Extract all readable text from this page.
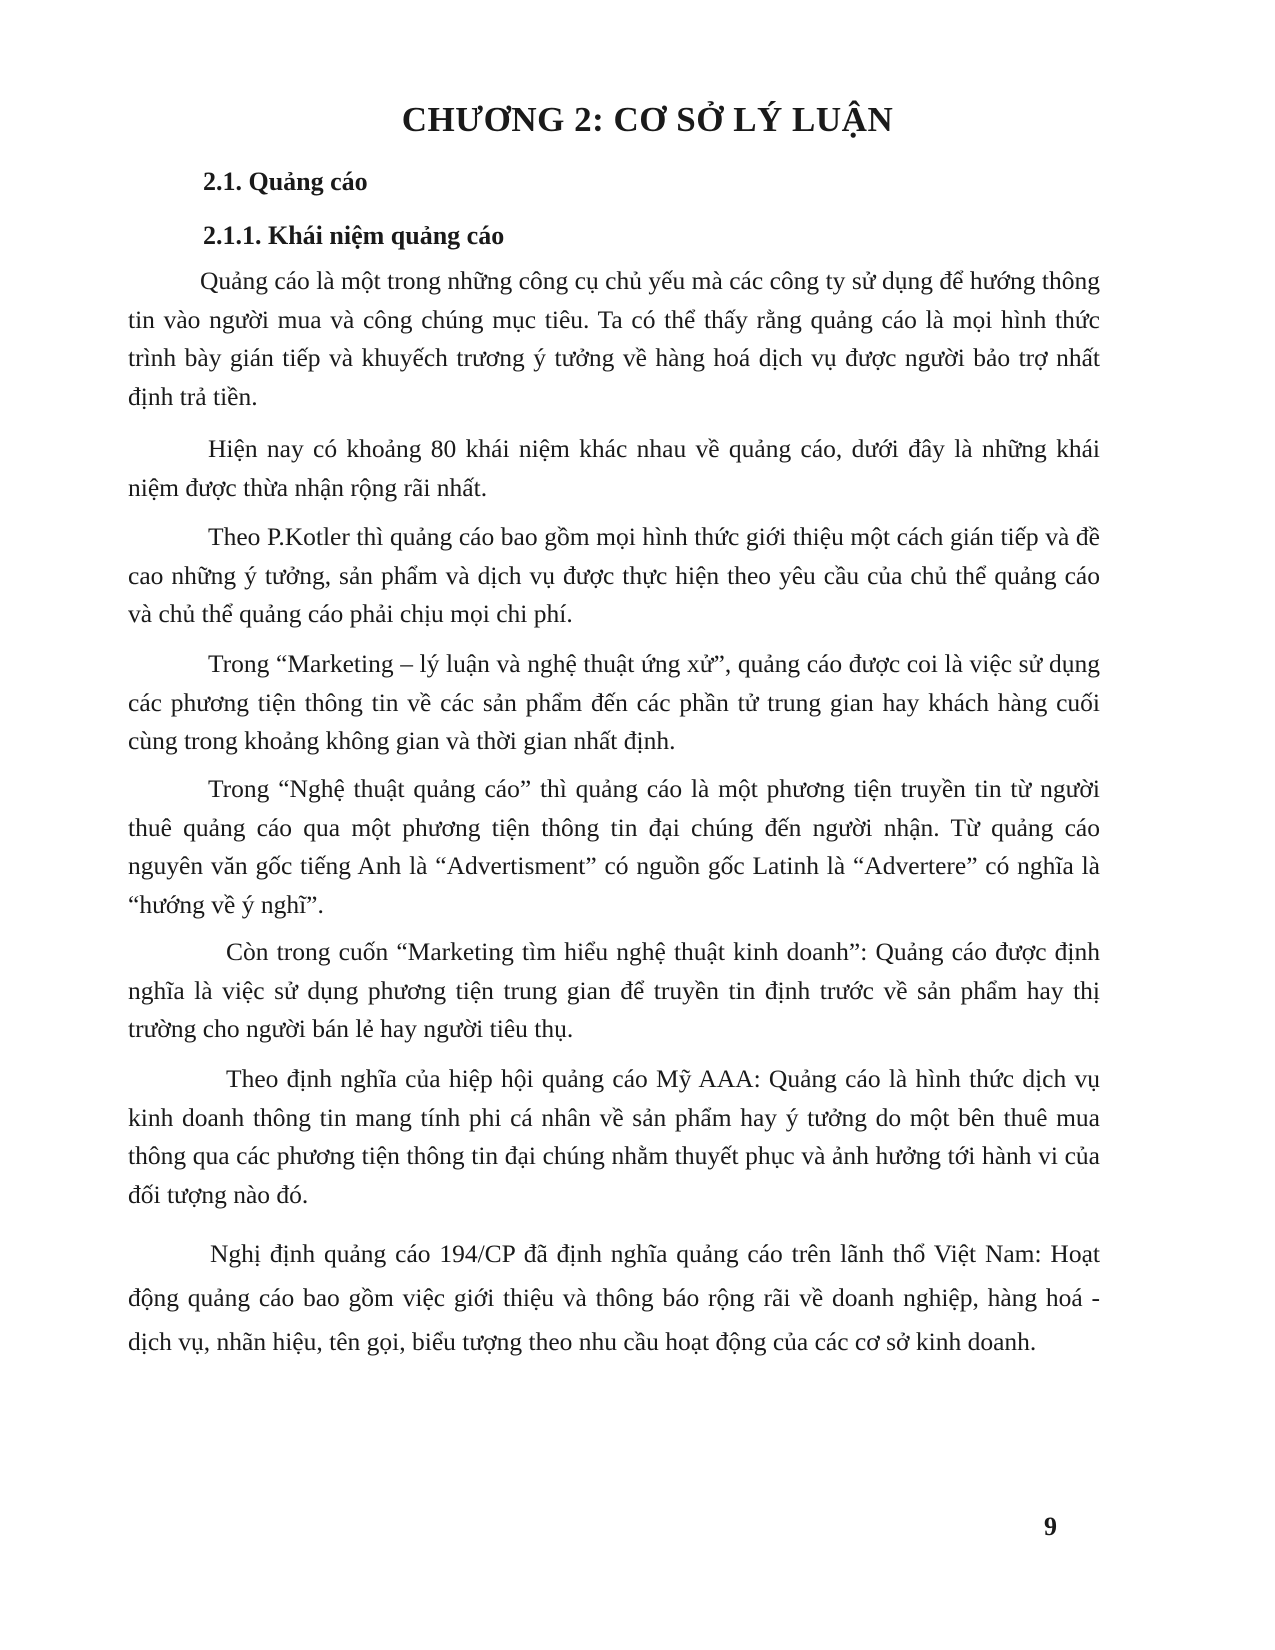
CHƯƠNG 2: CƠ SỞ LÝ LUẬN
2.1. Quảng cáo
2.1.1. Khái niệm quảng cáo

Quảng cáo là một trong những công cụ chủ yếu mà các công ty sử dụng để hướng thông tin vào người mua và công chúng mục tiêu. Ta có thể thấy rằng quảng cáo là mọi hình thức trình bày gián tiếp và khuyếch trương ý tưởng về hàng hoá dịch vụ được người bảo trợ nhất định trả tiền.

Hiện nay có khoảng 80 khái niệm khác nhau về quảng cáo, dưới đây là những khái niệm được thừa nhận rộng rãi nhất.

Theo P.Kotler thì quảng cáo bao gồm mọi hình thức giới thiệu một cách gián tiếp và đề cao những ý tưởng, sản phẩm và dịch vụ được thực hiện theo yêu cầu của chủ thể quảng cáo và chủ thể quảng cáo phải chịu mọi chi phí.

Trong “Marketing – lý luận và nghệ thuật ứng xử”, quảng cáo được coi là việc sử dụng các phương tiện thông tin về các sản phẩm đến các phần tử trung gian hay khách hàng cuối cùng trong khoảng không gian và thời gian nhất định.

Trong “Nghệ thuật quảng cáo” thì quảng cáo là một phương tiện truyền tin từ người thuê quảng cáo qua một phương tiện thông tin đại chúng đến người nhận. Từ quảng cáo nguyên văn gốc tiếng Anh là “Advertisment” có nguồn gốc Latinh là “Advertere” có nghĩa là “hướng về ý nghĩ”.

Còn trong cuốn “Marketing tìm hiểu nghệ thuật kinh doanh”: Quảng cáo được định nghĩa là việc sử dụng phương tiện trung gian để truyền tin định trước về sản phẩm hay thị trường cho người bán lẻ hay người tiêu thụ.

Theo định nghĩa của hiệp hội quảng cáo Mỹ AAA: Quảng cáo là hình thức dịch vụ kinh doanh thông tin mang tính phi cá nhân về sản phẩm hay ý tưởng do một bên thuê mua thông qua các phương tiện thông tin đại chúng nhằm thuyết phục và ảnh hưởng tới hành vi của đối tượng nào đó.

Nghị định quảng cáo 194/CP đã định nghĩa quảng cáo trên lãnh thổ Việt Nam: Hoạt động quảng cáo bao gồm việc giới thiệu và thông báo rộng rãi về doanh nghiệp, hàng hoá - dịch vụ, nhãn hiệu, tên gọi, biểu tượng theo nhu cầu hoạt động của các cơ sở kinh doanh.

9
